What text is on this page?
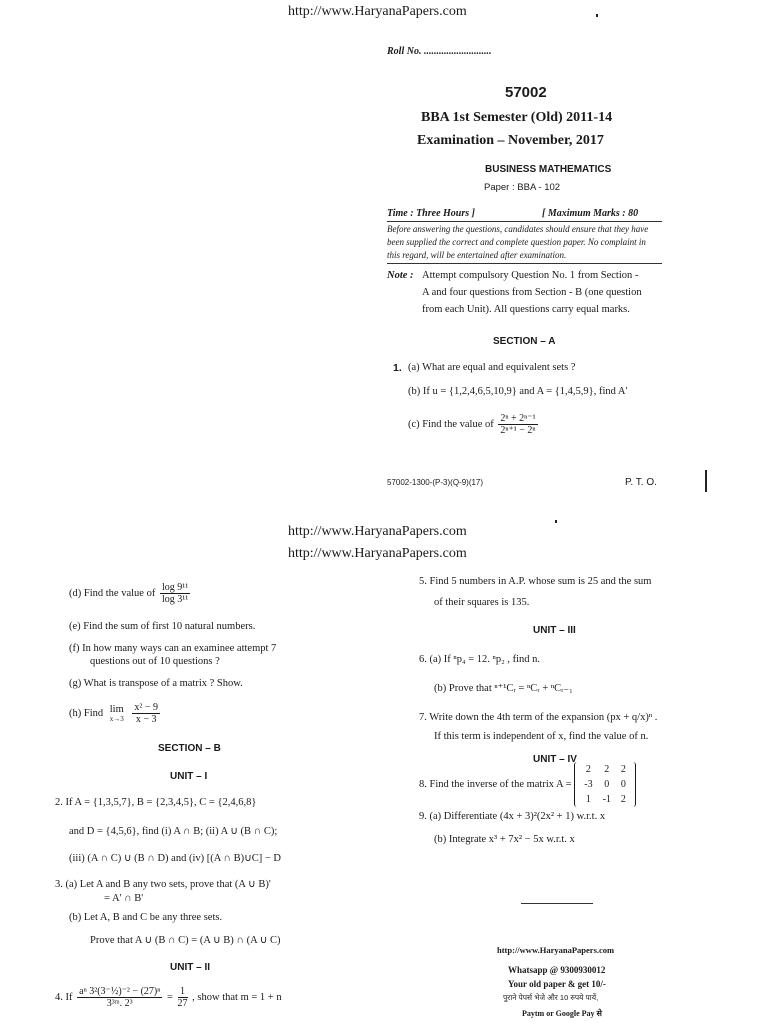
http://www.HaryanaPapers.com
Roll No. ...........................
57002
BBA 1st Semester (Old) 2011-14
Examination – November, 2017
BUSINESS MATHEMATICS
Paper : BBA - 102
Time : Three Hours ]	[ Maximum Marks : 80
Before answering the questions, candidates should ensure that they have
been supplied the correct and complete question paper. No complaint in
this regard, will be entertained after examination.
Note : Attempt compulsory Question No. 1 from Section -
A and four questions from Section - B (one question
from each Unit). All questions carry equal marks.
SECTION – A
1. (a) What are equal and equivalent sets ?
(b) If u = {1,2,4,6,5,10,9} and A = {1,4,5,9}, find A'
(c) Find the value of $\frac{\text{2ⁿ + 2ⁿ⁻¹}}{\text{2ⁿ⁺¹ − 2ⁿ}}$
57002-1300-(P-3)(Q-9)(17)	P. T. O.
http://www.HaryanaPapers.com
http://www.HaryanaPapers.com
(d) Find the value of $\frac{\text{log 9¹¹}}{\text{log 3¹¹}}$
(e) Find the sum of first 10 natural numbers.
(f) In how many ways can an examinee attempt 7
questions out of 10 questions ?
(g) What is transpose of a matrix ? Show.
(h) Find lim
x→3
$\frac{\text{x² − 9}}{x - 3}$
SECTION – B
UNIT – I
2. If A = {1,3,5,7}, B = {2,3,4,5}, C = {2,4,6,8}
and D = {4,5,6}, find (i) A ∩ B; (ii) A ∪ (B ∩ C);
(iii) (A ∩ C) ∪ (B ∩ D) and (iv) [(A ∩ B)∪C] − D
3. (a) Let A and B any two sets, prove that (A ∪ B)'
= A' ∩ B'
(b) Let A, B and C be any three sets.
Prove that A ∪ (B ∩ C) = (A ∪ B) ∩ (A ∪ C)
UNIT – II
4. If $\frac{\text{aⁿ 3²(3⁻½)⁻² − (27)ⁿ}}{\text{3³ᵐ. 2³}} = \frac{1}{27}$ , show that m = 1 + n
5. Find 5 numbers in A.P. whose sum is 25 and the sum
of their squares is 135.
UNIT – III
6. (a) If ⁿp₄ = 12. ⁿp₂ , find n.
(b) Prove that ⁿ⁺¹Cᵣ = ⁿCᵣ + ⁿCᵣ₋₁
7. Write down the 4th term of the expansion (px + q/x)ⁿ .
If this term is independent of x, find the value of n.
UNIT – IV
8. Find the inverse of the matrix A =
2	2	2
-3	0	0
1	-1	2
9. (a) Differentiate (4x + 3)²(2x² + 1) w.r.t. x
(b) Integrate x³ + 7x² − 5x w.r.t. x
http://www.HaryanaPapers.com
Whatsapp @ 9300930012
Your old paper & get 10/-
पुराने पेपर्स भेजे और 10 रुपये पायें,
Paytm or Google Pay से
